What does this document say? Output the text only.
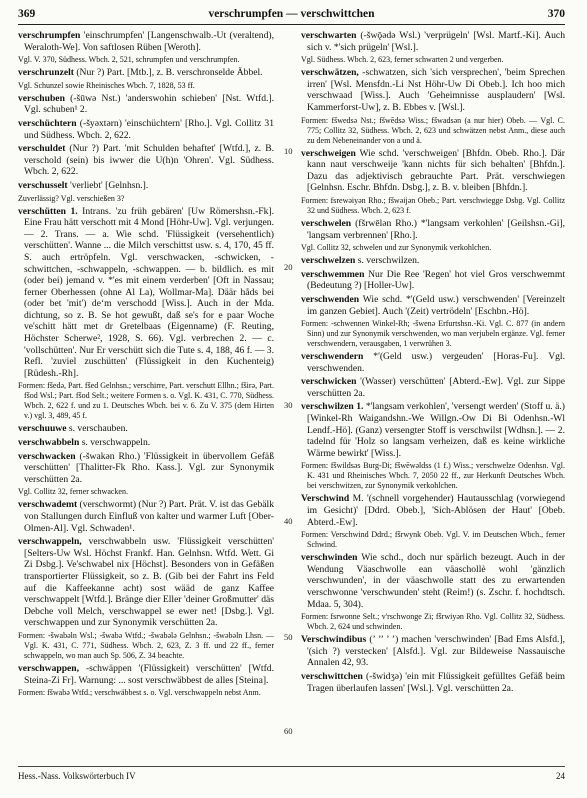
369	verschrumpfen — verschwittchen	370

verschrumpfen 'einschrumpfen' [Langenschwalb.-Ut (veraltend), Weraloth-We]. Von saftlosen Rüben [Weroth].

Vgl. V. 370, Südhess. Wbch. 2, 521, schrumpfen und verschrumpfen.

verschrunzelt (Nur ?) Part. [Mtb.], z. B. verschronselde Äbbel.

Vgl. Schunzel sowie Rheinisches Wbch. 7, 1828, 53 ff.

verschuben (-šūwǝ Nst.) 'anderswohin schieben' [Nst. Wtfd.]. Vgl. schuben¹ 2.

verschüchtern (-šyǝxtǝrn) 'einschüchtern' [Rho.]. Vgl. Collitz 31 und Südhess. Wbch. 2, 622.

verschuldet (Nur ?) Part. 'mit Schulden behaftet' [Wtfd.], z. B. verschold (sein) bis iwwer die U(h)n 'Ohren'. Vgl. Südhess. Wbch. 2, 622.

verschusselt 'verliebt' [Gelnhsn.].

Zuverlässig? Vgl. verschießen 3?

verschütten 1. Intrans. 'zu früh gebären' [Uw Römershsn.-Fk]. Eine Frau hätt verschott mit 4 Mond [Höhr-Uw]. Vgl. verjungen. — 2. Trans. — a. Wie schd. 'Flüssigkeit (versehentlich) verschütten'. Wanne ... die Milch verschittst usw. s. 4, 170, 45 ff. S. auch ertröpfeln. Vgl. verschwacken, -schwicken, -schwittchen, -schwappeln, -schwappen. — b. bildlich. es mit (oder bei) jemand v. *'es mit einem verderben' [Oft in Nassau; ferner Oberhessen (ohne Al La), Wollmar-Ma]. Däär håds bei (oder bet 'mit') de‘m verschodd [Wiss.]. Auch in der Mda. dichtung, so z. B. Se hot gewußt, daß se's for e paar Woche ve'schitt hätt met dr Gretelbaas (Eigenname) (F. Reuting, Höchster Scherwe², 1928, S. 66). Vgl. verbrechen 2. — c. 'vollschütten'. Nur Er verschütt sich die Tute s. 4, 188, 46 f. — 3. Refl. 'zuviel zuschütten' (Flüssigkeit in den Kuchenteig) [Rüdesh.-Rh].

Formen: fšedǝ, Part. fšed Gelnhsn.; verschirre, Part. verschutt Ellhn.; fširǝ, Part. fšod Wsl.; Part. fšod Selt.; weitere Formen s. o. Vgl. K. 431, C. 770, Südhess. Wbch. 2, 622 f. und zu 1. Deutsches Wbch. bei v. 6. Zu V. 375 (dem Hirten v.) vgl. 3, 489, 45 f.

verschuuwe s. verschauben.

verschwabbeln s. verschwappeln.

verschwacken (-šwakǝn Rho.) 'Flüssigkeit in übervollem Gefäß verschütten' [Thalitter-Fk Rho. Kass.]. Vgl. zur Synonymik verschütten 2a.

Vgl. Collitz 32, ferner schwacken.

verschwademt (verschwormt) (Nur ?) Part. Prät. V. ist das Gebälk von Stallungen durch Einfluß von kalter und warmer Luft [Ober-Olmen-Al]. Vgl. Schwaden¹.

verschwappeln, verschwabbeln usw. 'Flüssigkeit verschütten' [Selters-Uw Wsl. Höchst Frankf. Han. Gelnhsn. Wtfd. Wett. Gi Zi Dsbg.]. Ve'schwabel nix [Höchst]. Besonders von in Gefäßen transportierter Flüssigkeit, so z. B. (Gib bei der Fahrt ins Feld auf die Kaffeekanne acht) sost wääd de ganz Kaffee verschwappelt [Wtfd.]. Bränge dier Eller 'deiner Großmutter' däs Debche voll Melch, verschwappel se ewer net! [Dsbg.]. Vgl. verschwappen und zur Synonymik verschütten 2a.

Formen: -šwabǝln Wsl.; -šwabǝ Wtfd.; -šwabǝlǝ Gelnhsn.; -šwǝbǝln Lhsn. — Vgl. K. 431, C. 771, Südhess. Wbch. 2, 623, Z. 3 ff. und 22 ff., ferner schwappeln, wo man auch Sp. 506, Z. 34 beachte.

verschwappen, -schwäppen '(Flüssigkeit) verschütten' [Wtfd. Steina-Zi Fr]. Warnung: ... sost verschwäbbest de alles [Steina].

Formen: fšwabǝ Wtfd.; verschwäbbest s. o. Vgl. verschwappeln nebst Anm.

10
20
30
40
50
60

verschwarten (-šwǭǝdǝ Wsl.) 'verprügeln' [Wsl. Martf.-Ki]. Auch sich v. *'sich prügeln' [Wsl.].

Vgl. Südhess. Wbch. 2, 623, ferner schwarten 2 und vergerben.

verschwätzen, -schwatzen, sich 'sich versprechen', 'beim Sprechen irren' [Wsl. Mensfdn.-Li Nst Höhr-Uw Di Obeb.]. Ich hoo mich verschwaad [Wiss.]. Auch 'Geheimnisse ausplaudern' [Wsl. Kammerforst-Uw], z. B. Ebbes v. [Wsl.].

Formen: fšwedsǝ Nst.; fšwēdsǝ Wiss.; fšwadsǝn (a nur hier) Obeb. — Vgl. C. 775; Collitz 32, Südhess. Wbch. 2, 623 und schwätzen nebst Anm., diese auch zu dem Nebeneinander von a und ä.

verschweigen Wie schd. 'verschweigen' [Bhfdn. Obeb. Rho.]. Där kann naut verschweije 'kann nichts für sich behalten' [Bhfdn.]. Dazu das adjektivisch gebrauchte Part. Prät. verschwiegen [Gelnhsn. Eschr. Bhfdn. Dsbg.], z. B. v. bleiben [Bhfdn.].

Formen: fsrewǝiyǝn Rho.; fšwǝijǝn Obeb.; Part. verschwiegge Dsbg. Vgl. Collitz 32 und Südhess. Wbch. 2, 623 f.

verschwelen (fšrwēlǝn Rho.) *'langsam verkohlen' [Geilshsn.-Gi], 'langsam verbrennen' [Rho.].

Vgl. Collitz 32, schwelen und zur Synonymik verkohlchen.

verschwelzen s. verschwilzen.

verschwemmen Nur Die Ree 'Regen' hot viel Gros verschwemmt (Bedeutung ?) [Holler-Uw].

verschwenden Wie schd. *'(Geld usw.) verschwenden' [Vereinzelt im ganzen Gebiet]. Auch '(Zeit) vertrödeln' [Eschbn.-Hö].

Formen: -schwennen Winkel-Rh; -šwenǝ Erfurtshsn.-Ki. Vgl. C. 877 (in andern Sinn) und zur Synonymik verschwenden, wo man verjubeln ergänze. Vgl. ferner verschwendern, verausgaben, 1 verwrühen 3.

verschwendern *'(Geld usw.) vergeuden' [Horas-Fu]. Vgl. verschwenden.

verschwicken '(Wasser) verschütten' [Abterd.-Ew]. Vgl. zur Sippe verschütten 2a.

verschwilzen 1. *'langsam verkohlen', 'versengt werden' (Stoff u. ä.) [Winkel-Rh Waigandshn.-We Willgn.-Ow Di Bi Odenhsn.-Wl Lendf.-Hö]. (Ganz) versengter Stoff is verschwilst [Wdhsn.]. — 2. tadelnd für 'Holz so langsam verheizen, daß es keine wirkliche Wärme bewirkt' [Wiss.].

Formen: fšwildsǝs Burg-Di; fšwēwǝldss (1 f.) Wiss.; verschwelze Odenhsn. Vgl. K. 431 und Rheinisches Wbch. 7, 2050 22 ff., zur Herkunft Deutsches Wbch. bei verschwitzen, zur Synonymik verkohlchen.

Verschwind M. '(schnell vorgehender) Hautausschlag (vorwiegend im Gesicht)' [Ddrd. Obeb.], 'Sich-Ablösen der Haut' [Obeb. Abterd.-Ew].

Formen: Verschwind Ddrd.; fšrwynk Obeb. Vgl. V. im Deutschen Wbch., ferner Schwind.

verschwinden Wie schd., doch nur spärlich bezeugt. Auch in der Wendung Väaschwolle ean väaschollè wohl 'gänzlich verschwunden', in der väaschwolle statt des zu erwartenden verschwonne 'verschwunden' steht (Reim!) (s. Zschr. f. hochdtsch. Mdaa. 5, 304).

Formen: fsrwonne Selt.; v'rschwonge Zi; fšrwiyǝn Rho. Vgl. Collitz 32, Südhess. Wbch. 2, 624 und schwinden.

Verschwindibus (’ ’’ ’ ’) machen 'verschwinden' [Bad Ems Alsfd.], '(sich ?) verstecken' [Alsfd.]. Vgl. zur Bildeweise Nassauische Annalen 42, 93.

verschwittchen (-šwidʒǝ) 'ein mit Flüssigkeit gefülltes Gefäß beim Tragen überlaufen lassen' [Wsl.]. Vgl. verschütten 2a.

Hess.-Nass. Volkswörterbuch IV	24
